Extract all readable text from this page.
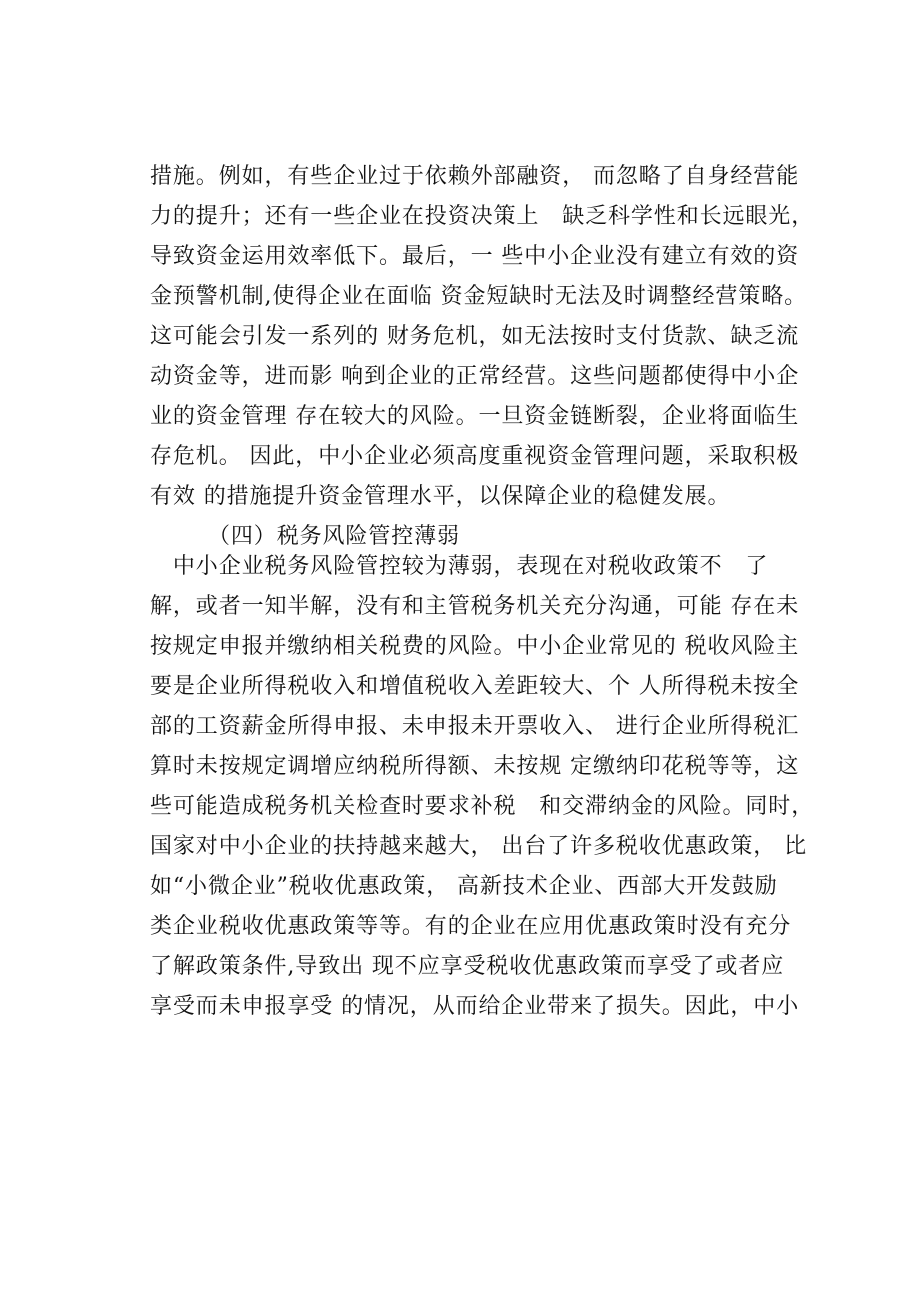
措施。例如，有些企业过于依赖外部融资， 而忽略了自身经营能
力的提升；还有一些企业在投资决策上　缺乏科学性和长远眼光，
导致资金运用效率低下。最后，一 些中小企业没有建立有效的资
金预警机制,使得企业在面临 资金短缺时无法及时调整经营策略。
这可能会引发一系列的 财务危机，如无法按时支付货款、缺乏流
动资金等，进而影 响到企业的正常经营。这些问题都使得中小企
业的资金管理 存在较大的风险。一旦资金链断裂，企业将面临生
存危机。 因此，中小企业必须高度重视资金管理问题，采取积极
有效 的措施提升资金管理水平，以保障企业的稳健发展。
（四）税务风险管控薄弱
　中小企业税务风险管控较为薄弱，表现在对税收政策不　了
解，或者一知半解，没有和主管税务机关充分沟通，可能 存在未
按规定申报并缴纳相关税费的风险。中小企业常见的 税收风险主
要是企业所得税收入和增值税收入差距较大、个 人所得税未按全
部的工资薪金所得申报、未申报未开票收入、 进行企业所得税汇
算时未按规定调增应纳税所得额、未按规 定缴纳印花税等等，这
些可能造成税务机关检查时要求补税　和交滞纳金的风险。同时，
国家对中小企业的扶持越来越大， 出台了许多税收优惠政策， 比
如“小微企业”税收优惠政策， 高新技术企业、西部大开发鼓励
类企业税收优惠政策等等。有的企业在应用优惠政策时没有充分
了解政策条件,导致出 现不应享受税收优惠政策而享受了或者应
享受而未申报享受 的情况，从而给企业带来了损失。因此，中小
